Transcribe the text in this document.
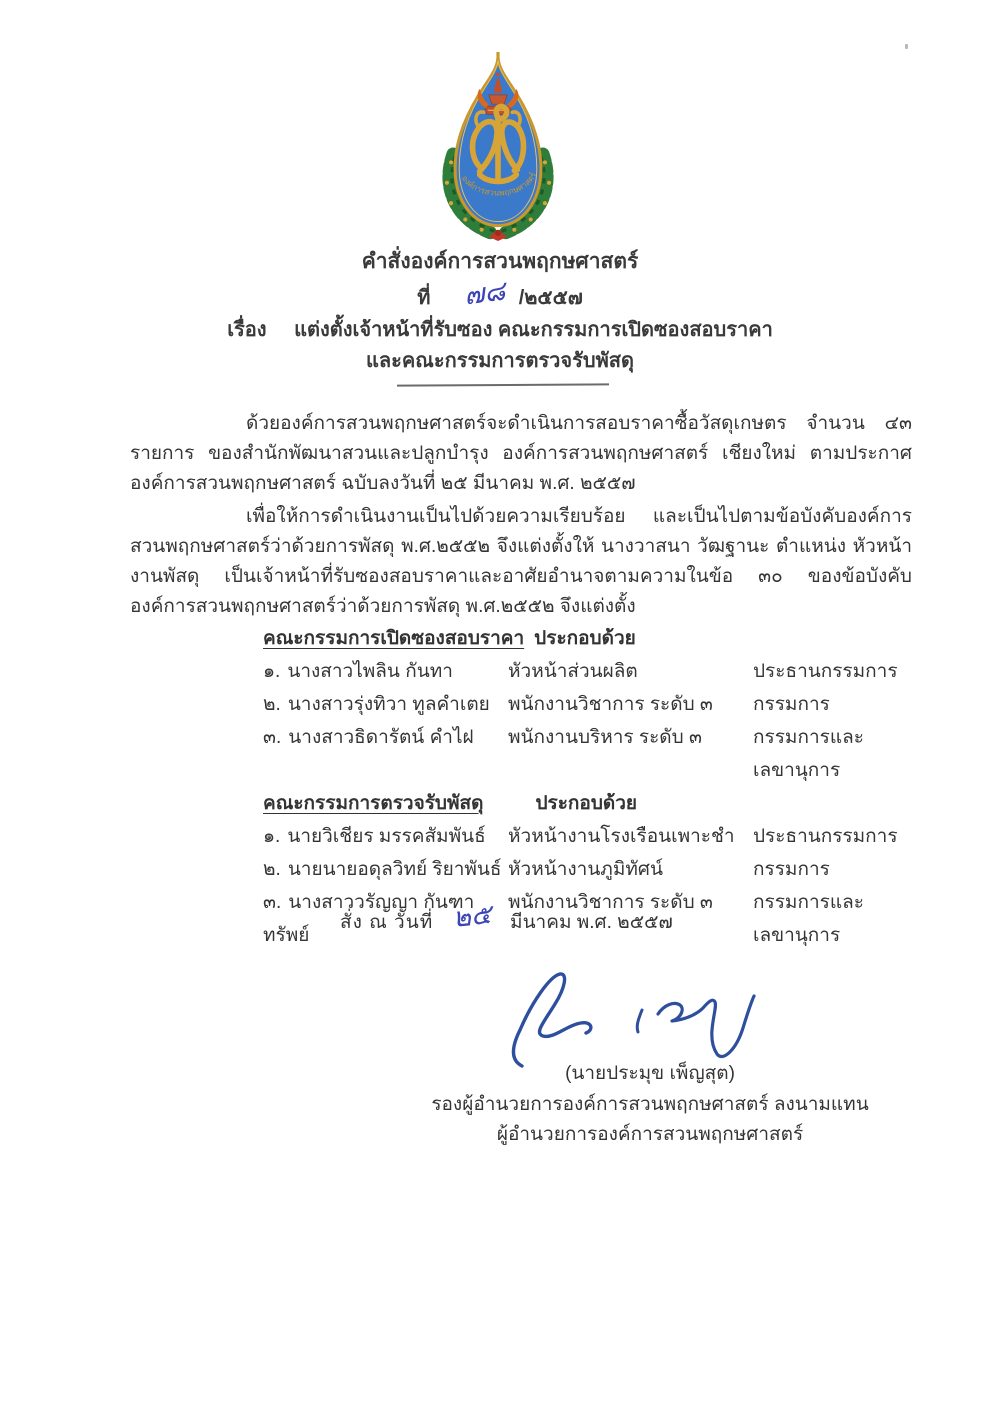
องค์การสวนพฤกษศาสตร์
คำสั่งองค์การสวนพฤกษศาสตร์
ที่ ๗๘ /๒๕๕๗
เรื่อง แต่งตั้งเจ้าหน้าที่รับซอง คณะกรรมการเปิดซองสอบราคา
และคณะกรรมการตรวจรับพัสดุ

ด้วยองค์การสวนพฤกษศาสตร์จะดำเนินการสอบราคาซื้อวัสดุเกษตร จำนวน ๔๓ รายการ ของสำนักพัฒนาสวนและปลูกบำรุง องค์การสวนพฤกษศาสตร์ เชียงใหม่ ตามประกาศองค์การสวนพฤกษศาสตร์ ฉบับลงวันที่ ๒๕ มีนาคม พ.ศ. ๒๕๕๗

เพื่อให้การดำเนินงานเป็นไปด้วยความเรียบร้อย และเป็นไปตามข้อบังคับองค์การสวนพฤกษศาสตร์ว่าด้วยการพัสดุ พ.ศ.๒๕๕๒ จึงแต่งตั้งให้ นางวาสนา วัฒฐานะ ตำแหน่ง หัวหน้างานพัสดุ เป็นเจ้าหน้าที่รับซองสอบราคาและอาศัยอำนาจตามความในข้อ ๓๐ ของข้อบังคับองค์การสวนพฤกษศาสตร์ว่าด้วยการพัสดุ พ.ศ.๒๕๕๒ จึงแต่งตั้ง

คณะกรรมการเปิดซองสอบราคา ประกอบด้วย
๑. นางสาวไพลิน กันทา	หัวหน้าส่วนผลิต	ประธานกรรมการ
๒. นางสาวรุ่งทิวา ทูลคำเตย พนักงานวิชาการ ระดับ ๓	กรรมการ
๓. นางสาวธิดารัตน์ คำไฝ	พนักงานบริหาร ระดับ ๓	กรรมการและเลขานุการ
คณะกรรมการตรวจรับพัสดุ	ประกอบด้วย
๑. นายวิเชียร มรรคสัมพันธ์	หัวหน้างานโรงเรือนเพาะชำ ประธานกรรมการ
๒. นายนายอดุลวิทย์ ริยาพันธ์ หัวหน้างานภูมิทัศน์	กรรมการ
๓. นางสาววรัญญา กันฑาทรัพย์
พนักงานวิชาการ ระดับ ๓	กรรมการและเลขานุการ
สั่ง ณ วันที่ ๒๕ มีนาคม พ.ศ. ๒๕๕๗
(นายประมุข เพ็ญสุต)
รองผู้อำนวยการองค์การสวนพฤกษศาสตร์ ลงนามแทน
ผู้อำนวยการองค์การสวนพฤกษศาสตร์
